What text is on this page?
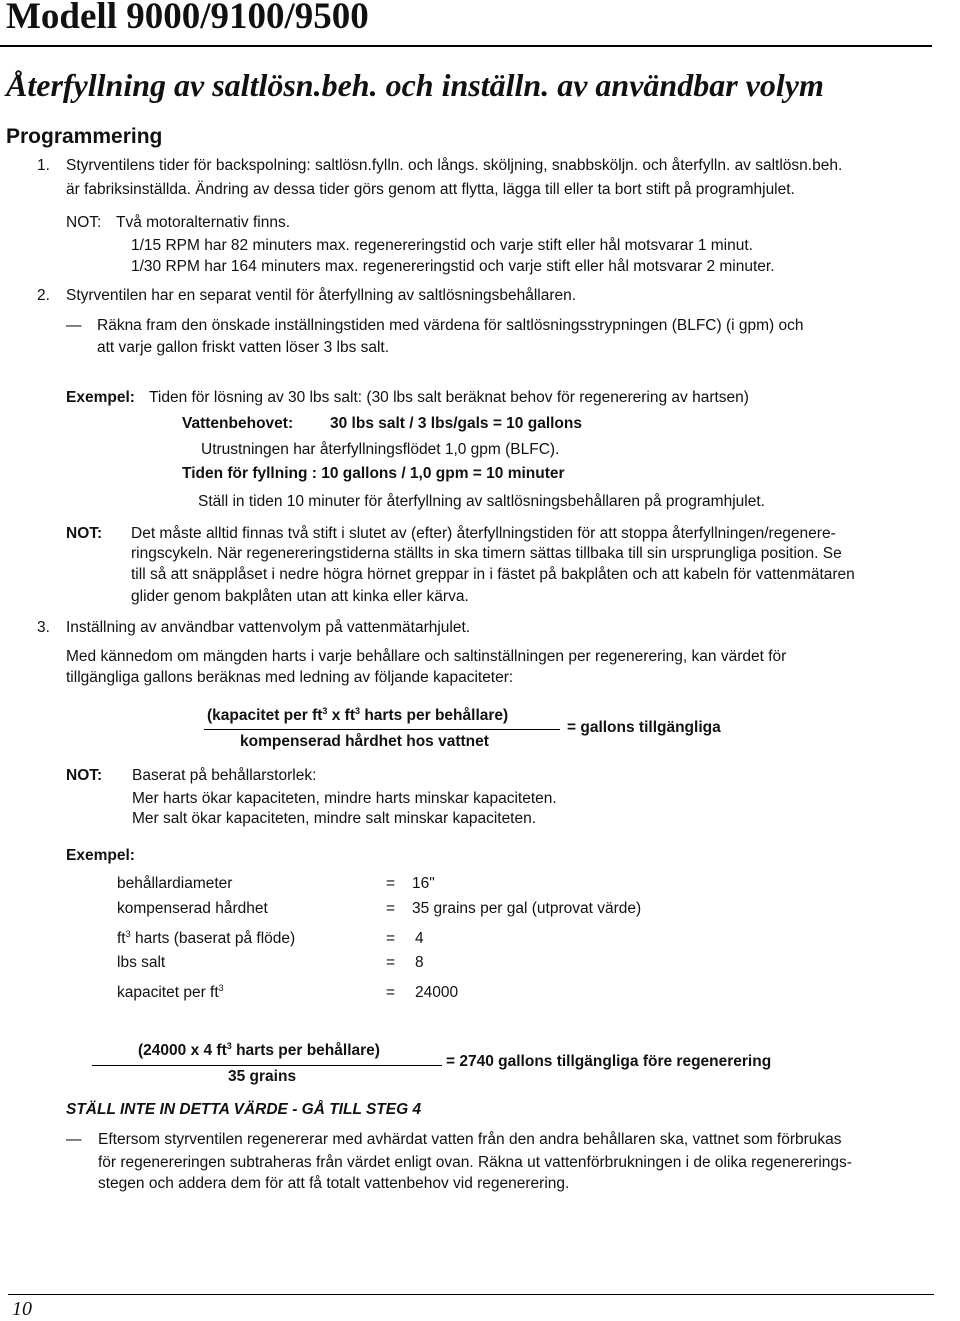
Modell 9000/9100/9500
Återfyllning av saltlösn.beh. och inställn. av användbar volym
Programmering
1. Styrventilens tider för backspolning: saltlösn.fylln. och långs. sköljning, snabbsköljn. och återfylln. av saltlösn.beh.
är fabriksinställda. Ändring av dessa tider görs genom att flytta, lägga till eller ta bort stift på programhjulet.
NOT: Två motoralternativ finns.
1/15 RPM har 82 minuters max. regenereringstid och varje stift eller hål motsvarar 1 minut.
1/30 RPM har 164 minuters max. regenereringstid och varje stift eller hål motsvarar 2 minuter.
2. Styrventilen har en separat ventil för återfyllning av saltlösningsbehållaren.
— Räkna fram den önskade inställningstiden med värdena för saltlösningsstrypningen (BLFC) (i gpm) och
att varje gallon friskt vatten löser 3 lbs salt.
Exempel: Tiden för lösning av 30 lbs salt: (30 lbs salt beräknat behov för regenerering av hartsen)
Vattenbehovet: 30 lbs salt / 3 lbs/gals = 10 gallons
Utrustningen har återfyllningsflödet 1,0 gpm (BLFC).
Tiden för fyllning : 10 gallons / 1,0 gpm = 10 minuter
Ställ in tiden 10 minuter för återfyllning av saltlösningsbehållaren på programhjulet.
NOT: Det måste alltid finnas två stift i slutet av (efter) återfyllningstiden för att stoppa återfyllningen/regenere-
ringscykeln. När regenereringstiderna ställts in ska timern sättas tillbaka till sin ursprungliga position. Se
till så att snäpplåset i nedre högra hörnet greppar in i fästet på bakplåten och att kabeln för vattenmätaren
glider genom bakplåten utan att kinka eller kärva.
3. Inställning av användbar vattenvolym på vattenmätarhjulet.
Med kännedom om mängden harts i varje behållare och saltinställningen per regenerering, kan värdet för
tillgängliga gallons beräknas med ledning av följande kapaciteter:
(kapacitet per $ft^3$ x $ft^3$ harts per behållare)
kompenserad hårdhet hos vattnet
= gallons tillgängliga
NOT: Baserat på behållarstorlek:
Mer harts ökar kapaciteten, mindre harts minskar kapaciteten.
Mer salt ökar kapaciteten, mindre salt minskar kapaciteten.
Exempel:
behållardiameter	= 16"
kompenserad hårdhet	= 35 grains per gal (utprovat värde)
$ft^3$ harts (baserat på flöde)	= 4
lbs salt	= 8
kapacitet per $ft^3$	= 24000
(24000 x 4 $ft^3$ harts per behållare)
35 grains
= 2740 gallons tillgängliga före regenerering
STÄLL INTE IN DETTA VÄRDE - GÅ TILL STEG 4
— Eftersom styrventilen regenererar med avhärdat vatten från den andra behållaren ska, vattnet som förbrukas
för regenereringen subtraheras från värdet enligt ovan. Räkna ut vattenförbrukningen i de olika regenererings-
stegen och addera dem för att få totalt vattenbehov vid regenerering.
10
